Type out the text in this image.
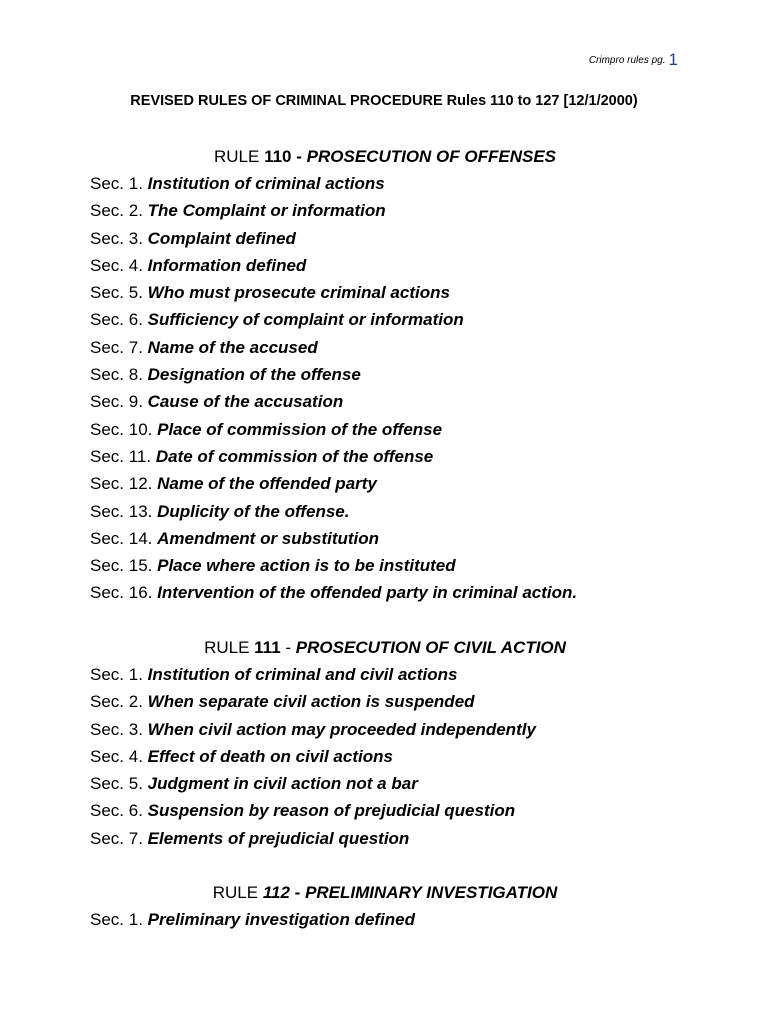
Crimpro rules pg. 1
REVISED RULES OF CRIMINAL PROCEDURE Rules 110 to 127 [12/1/2000)
RULE 110 - PROSECUTION OF OFFENSES
Sec. 1. Institution of criminal actions
Sec. 2. The Complaint or information
Sec. 3. Complaint defined
Sec. 4. Information defined
Sec. 5. Who must prosecute criminal actions
Sec. 6. Sufficiency of complaint or information
Sec. 7. Name of the accused
Sec. 8. Designation of the offense
Sec. 9. Cause of the accusation
Sec. 10. Place of commission of the offense
Sec. 11. Date of commission of the offense
Sec. 12. Name of the offended party
Sec. 13. Duplicity of the offense.
Sec. 14. Amendment or substitution
Sec. 15. Place where action is to be instituted
Sec. 16. Intervention of the offended party in criminal action.
RULE 111 - PROSECUTION OF CIVIL ACTION
Sec. 1. Institution of criminal and civil actions
Sec. 2. When separate civil action is suspended
Sec. 3. When civil action may proceeded independently
Sec. 4. Effect of death on civil actions
Sec. 5. Judgment in civil action not a bar
Sec. 6. Suspension by reason of prejudicial question
Sec. 7. Elements of prejudicial question
RULE 112 - PRELIMINARY INVESTIGATION
Sec. 1. Preliminary investigation defined
